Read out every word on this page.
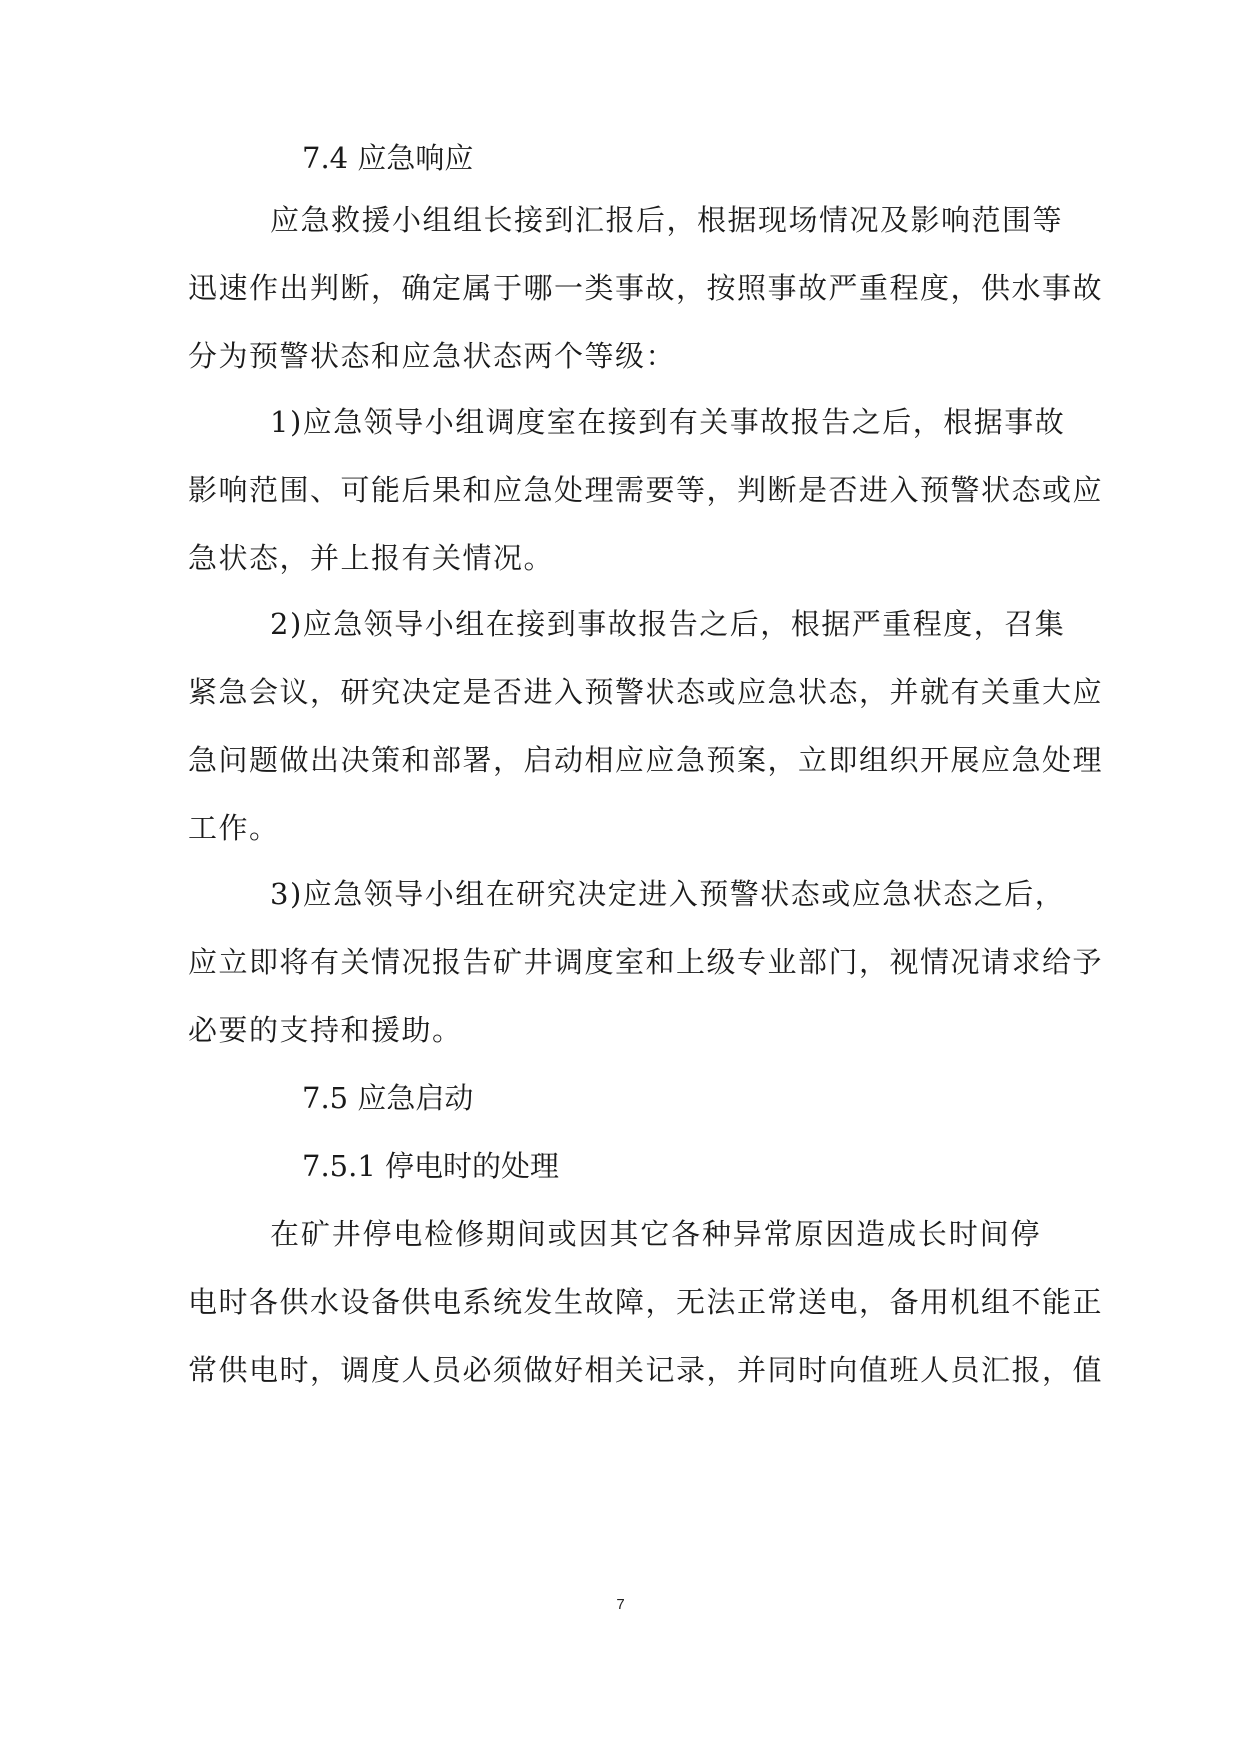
7.4 应急响应
应急救援小组组长接到汇报后，根据现场情况及影响范围等
迅速作出判断，确定属于哪一类事故，按照事故严重程度，供水事故
分为预警状态和应急状态两个等级：
1)应急领导小组调度室在接到有关事故报告之后，根据事故
影响范围、可能后果和应急处理需要等，判断是否进入预警状态或应
急状态，并上报有关情况。
2)应急领导小组在接到事故报告之后，根据严重程度，召集
紧急会议，研究决定是否进入预警状态或应急状态，并就有关重大应
急问题做出决策和部署，启动相应应急预案，立即组织开展应急处理
工作。
3)应急领导小组在研究决定进入预警状态或应急状态之后，
应立即将有关情况报告矿井调度室和上级专业部门，视情况请求给予
必要的支持和援助。
7.5 应急启动
7.5.1 停电时的处理
在矿井停电检修期间或因其它各种异常原因造成长时间停
电时各供水设备供电系统发生故障，无法正常送电，备用机组不能正
常供电时，调度人员必须做好相关记录，并同时向值班人员汇报，值
7
